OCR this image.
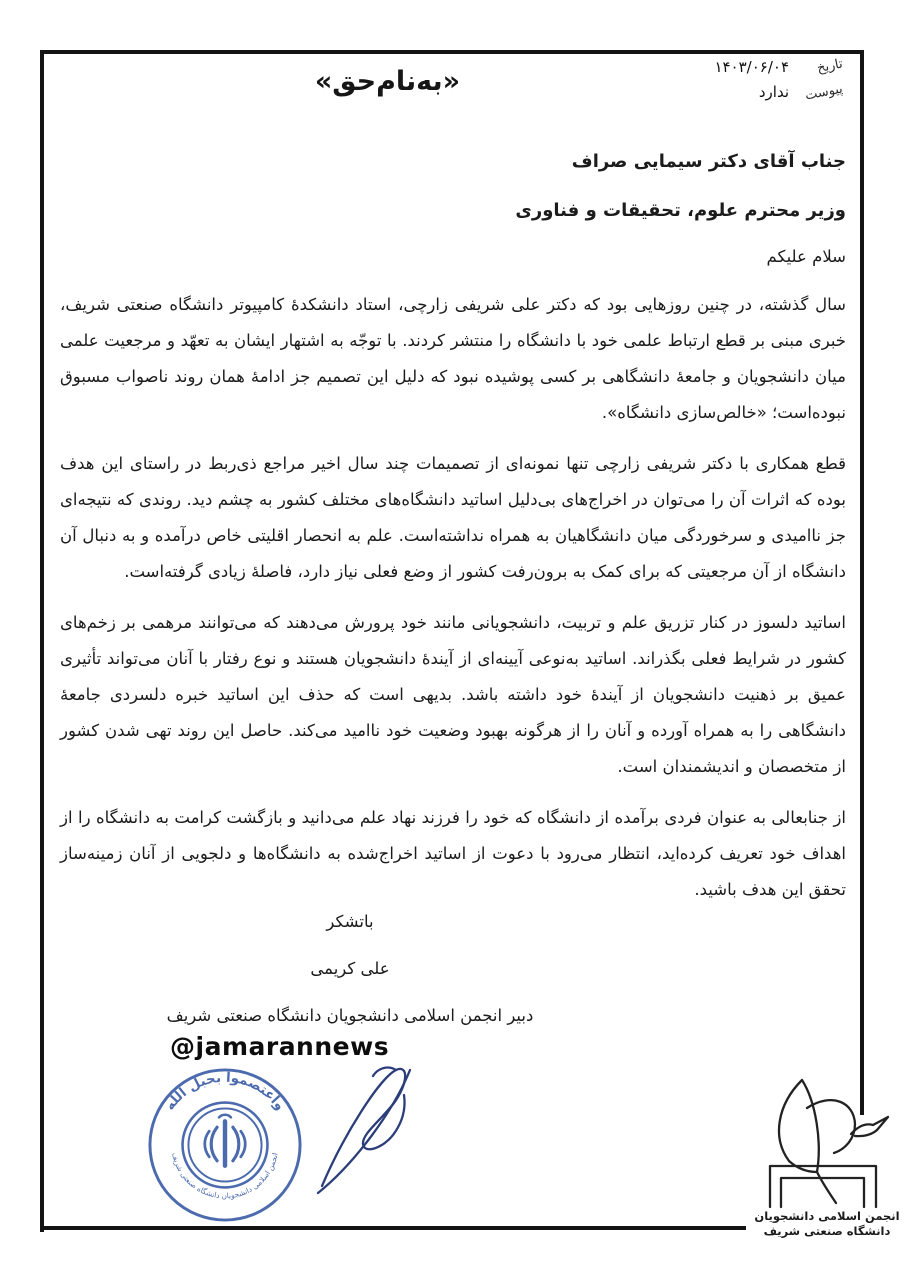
تاریخ
۱۴۰۳/۰۶/۰۴
پیوست
ندارد
«به‌نام‌حق»

جناب آقای دکتر سیمایی صراف

وزیر محترم علوم، تحقیقات و فناوری

سلام علیکم

سال گذشته، در چنین روزهایی بود که دکتر علی شریفی زارچی، استاد دانشکدهٔ کامپیوتر دانشگاه صنعتی شریف، خبری مبنی بر قطع ارتباط علمی خود با دانشگاه را منتشر کردند. با توجّه به اشتهار ایشان به تعهّد و مرجعیت علمی میان دانشجویان و جامعهٔ دانشگاهی بر کسی پوشیده نبود که دلیل این تصمیم جز ادامهٔ همان روند ناصواب مسبوق نبوده‌است؛ «خالص‌سازی دانشگاه».

قطع همکاری با دکتر شریفی زارچی تنها نمونه‌ای از تصمیمات چند سال اخیر مراجع ذی‌ربط در راستای این هدف بوده که اثرات آن را می‌توان در اخراج‌های بی‌دلیل اساتید دانشگاه‌های مختلف کشور به چشم دید. روندی که نتیجه‌ای جز ناامیدی و سرخوردگی میان دانشگاهیان به همراه نداشته‌است. علم به انحصار اقلیتی خاص درآمده و به دنبال آن دانشگاه از آن مرجعیتی که برای کمک به برون‌رفت کشور از وضع فعلی نیاز دارد، فاصلهٔ زیادی گرفته‌است.

اساتید دلسوز در کنار تزریق علم و تربیت، دانشجویانی مانند خود پرورش می‌دهند که می‌توانند مرهمی بر زخم‌های کشور در شرایط فعلی بگذراند. اساتید به‌نوعی آیینه‌ای از آیندهٔ دانشجویان هستند و نوع رفتار با آنان می‌تواند تأثیری عمیق بر ذهنیت دانشجویان از آیندهٔ خود داشته باشد. بدیهی است که حذف این اساتید خبره دلسردی جامعهٔ دانشگاهی را به همراه آورده و آنان را از هرگونه بهبود وضعیت خود ناامید می‌کند. حاصل این روند تهی شدن کشور از متخصصان و اندیشمندان است.

از جنابعالی به عنوان فردی برآمده از دانشگاه که خود را فرزند نهاد علم می‌دانید و بازگشت کرامت به دانشگاه را از اهداف خود تعریف کرده‌اید، انتظار می‌رود با دعوت از اساتید اخراج‌شده به دانشگاه‌ها و دلجویی از آنان زمینه‌ساز تحقق این هدف باشید.

باتشکر
علی کریمی
دبیر انجمن اسلامی دانشجویان دانشگاه صنعتی شریف
@jamarannews
واعتصموا بحبل الله
انجمن اسلامی دانشجویان دانشگاه صنعتی شریف
انجمن اسلامی دانشجویان
دانشگاه صنعتی شریف
